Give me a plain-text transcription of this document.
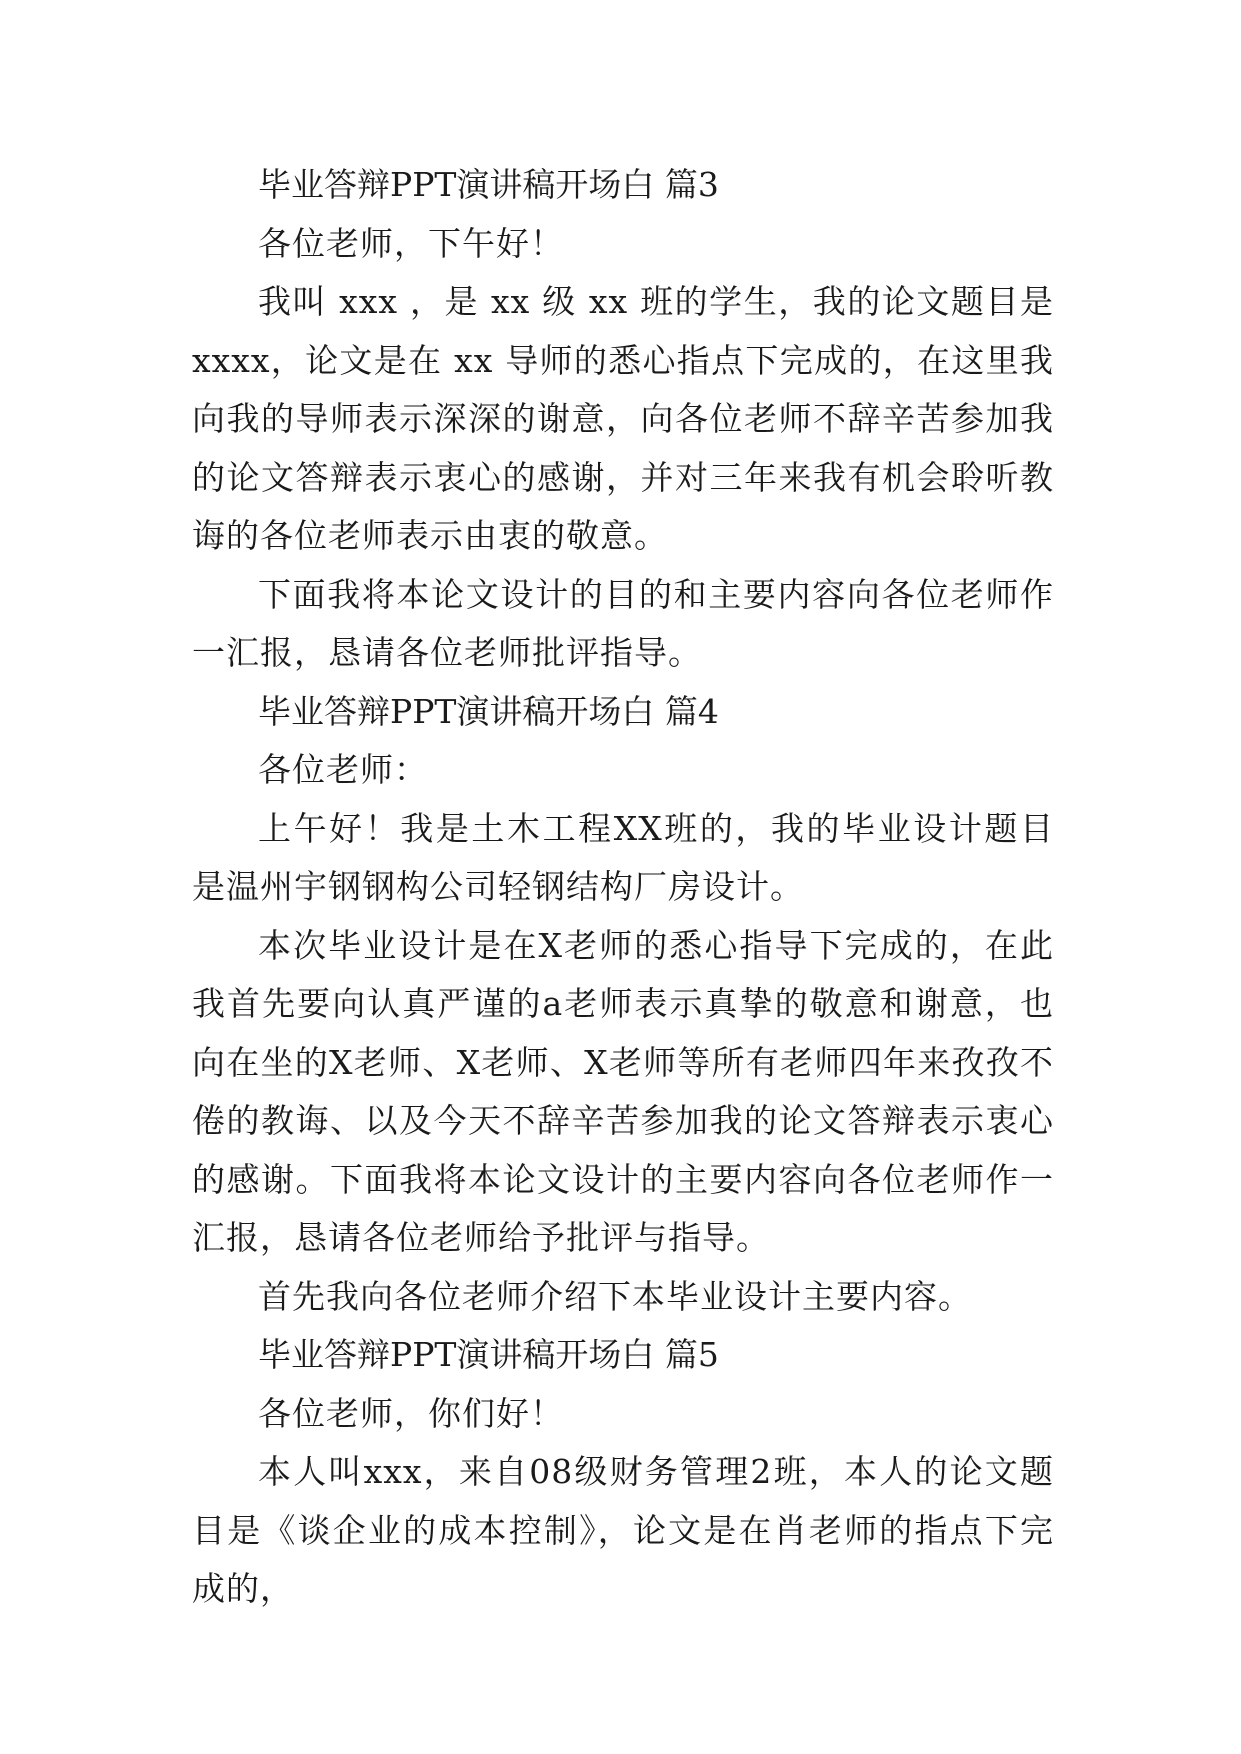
毕业答辩PPT演讲稿开场白 篇3

各位老师，下午好！

我叫 xxx ，是 xx 级 xx 班的学生，我的论文题目是xxxx，论文是在 xx 导师的悉心指点下完成的，在这里我向我的导师表示深深的谢意，向各位老师不辞辛苦参加我的论文答辩表示衷心的感谢，并对三年来我有机会聆听教诲的各位老师表示由衷的敬意。

下面我将本论文设计的目的和主要内容向各位老师作一汇报，恳请各位老师批评指导。

毕业答辩PPT演讲稿开场白 篇4

各位老师：

上午好！我是土木工程XX班的，我的毕业设计题目是温州宇钢钢构公司轻钢结构厂房设计。

本次毕业设计是在X老师的悉心指导下完成的，在此我首先要向认真严谨的a老师表示真挚的敬意和谢意，也向在坐的X老师、X老师、X老师等所有老师四年来孜孜不倦的教诲、以及今天不辞辛苦参加我的论文答辩表示衷心的感谢。下面我将本论文设计的主要内容向各位老师作一汇报，恳请各位老师给予批评与指导。

首先我向各位老师介绍下本毕业设计主要内容。

毕业答辩PPT演讲稿开场白 篇5

各位老师，你们好！

本人叫xxx，来自08级财务管理2班，本人的论文题目是《谈企业的成本控制》，论文是在肖老师的指点下完成的，
